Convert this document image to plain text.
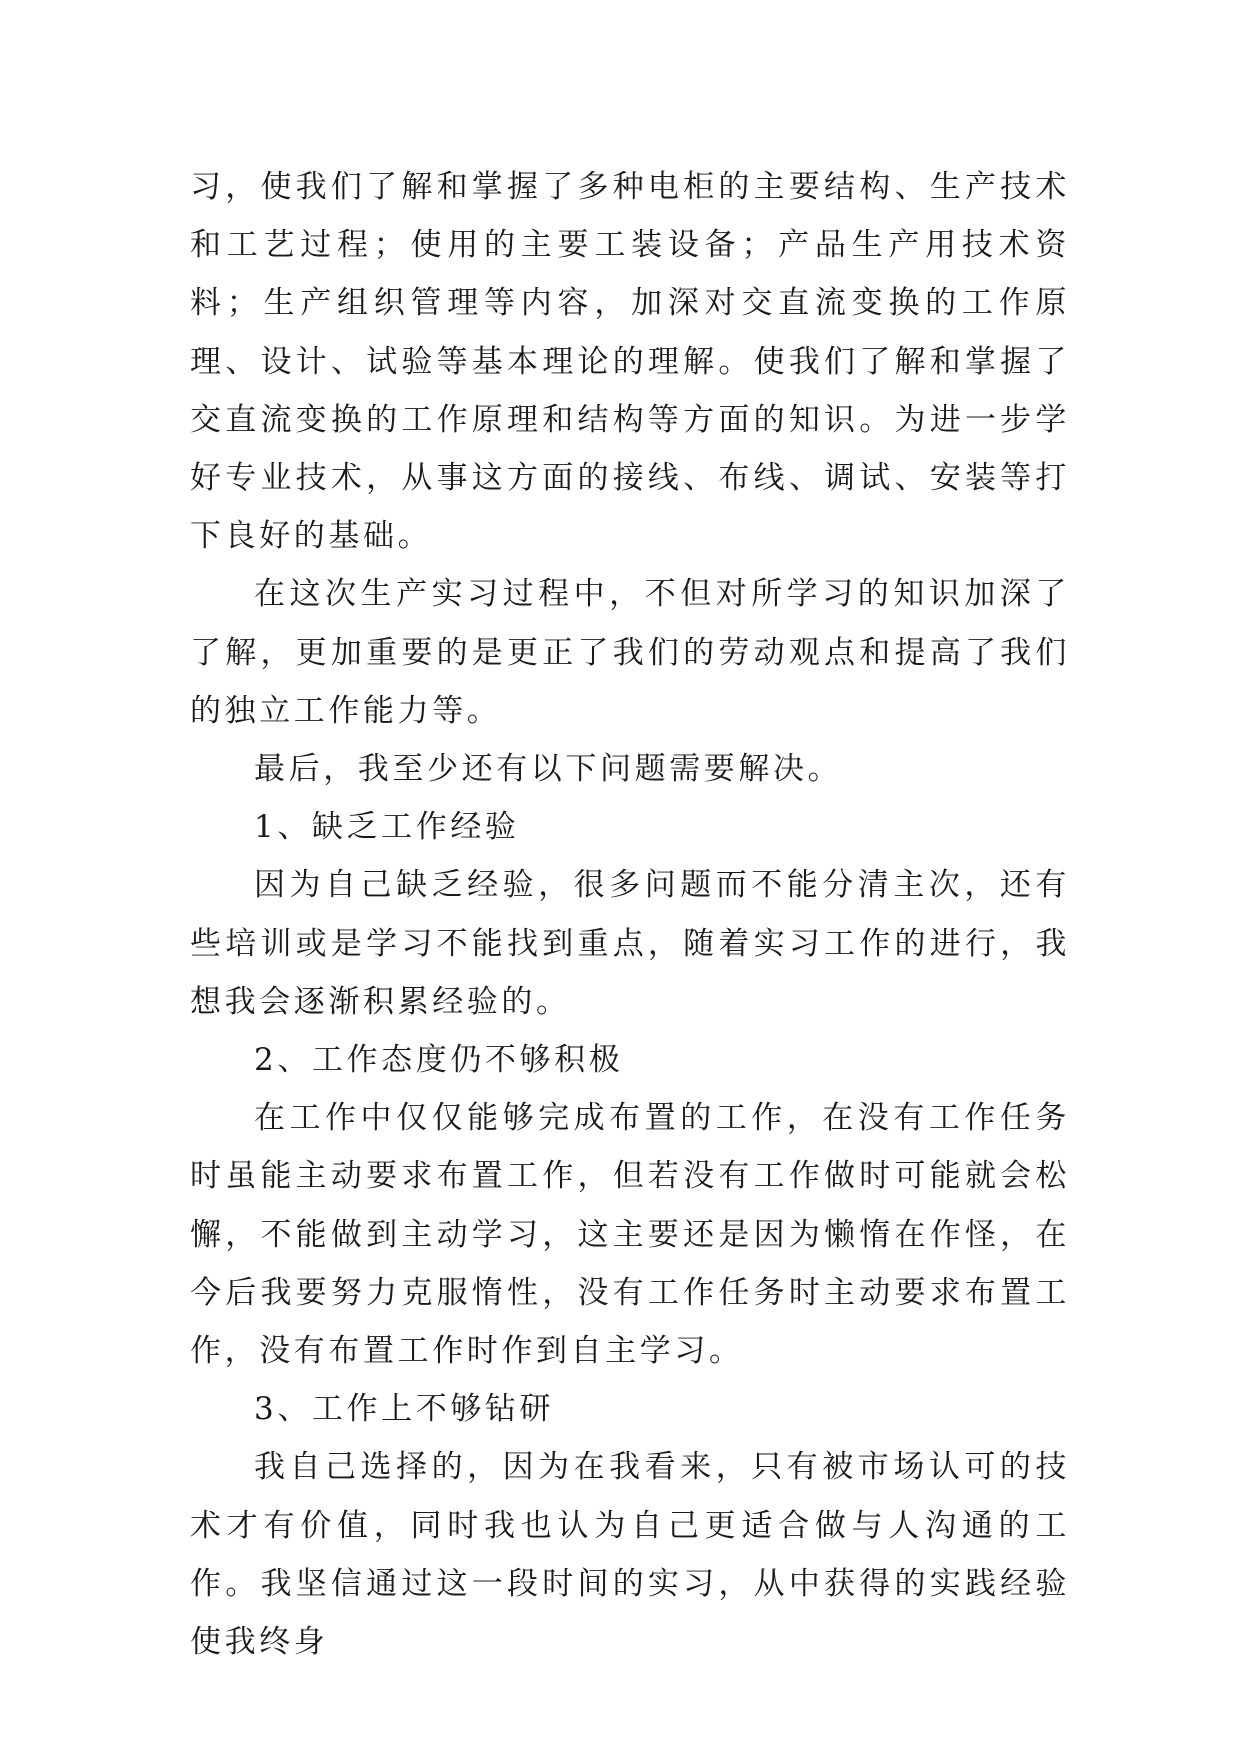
习，使我们了解和掌握了多种电柜的主要结构、生产技术和工艺过程；使用的主要工装设备；产品生产用技术资料；生产组织管理等内容，加深对交直流变换的工作原理、设计、试验等基本理论的理解。使我们了解和掌握了交直流变换的工作原理和结构等方面的知识。为进一步学好专业技术，从事这方面的接线、布线、调试、安装等打下良好的基础。

在这次生产实习过程中，不但对所学习的知识加深了了解，更加重要的是更正了我们的劳动观点和提高了我们的独立工作能力等。

最后，我至少还有以下问题需要解决。

1、缺乏工作经验

因为自己缺乏经验，很多问题而不能分清主次，还有些培训或是学习不能找到重点，随着实习工作的进行，我想我会逐渐积累经验的。

2、工作态度仍不够积极

在工作中仅仅能够完成布置的工作，在没有工作任务时虽能主动要求布置工作，但若没有工作做时可能就会松懈，不能做到主动学习，这主要还是因为懒惰在作怪，在今后我要努力克服惰性，没有工作任务时主动要求布置工作，没有布置工作时作到自主学习。

3、工作上不够钻研

我自己选择的，因为在我看来，只有被市场认可的技术才有价值，同时我也认为自己更适合做与人沟通的工作。我坚信通过这一段时间的实习，从中获得的实践经验使我终身
